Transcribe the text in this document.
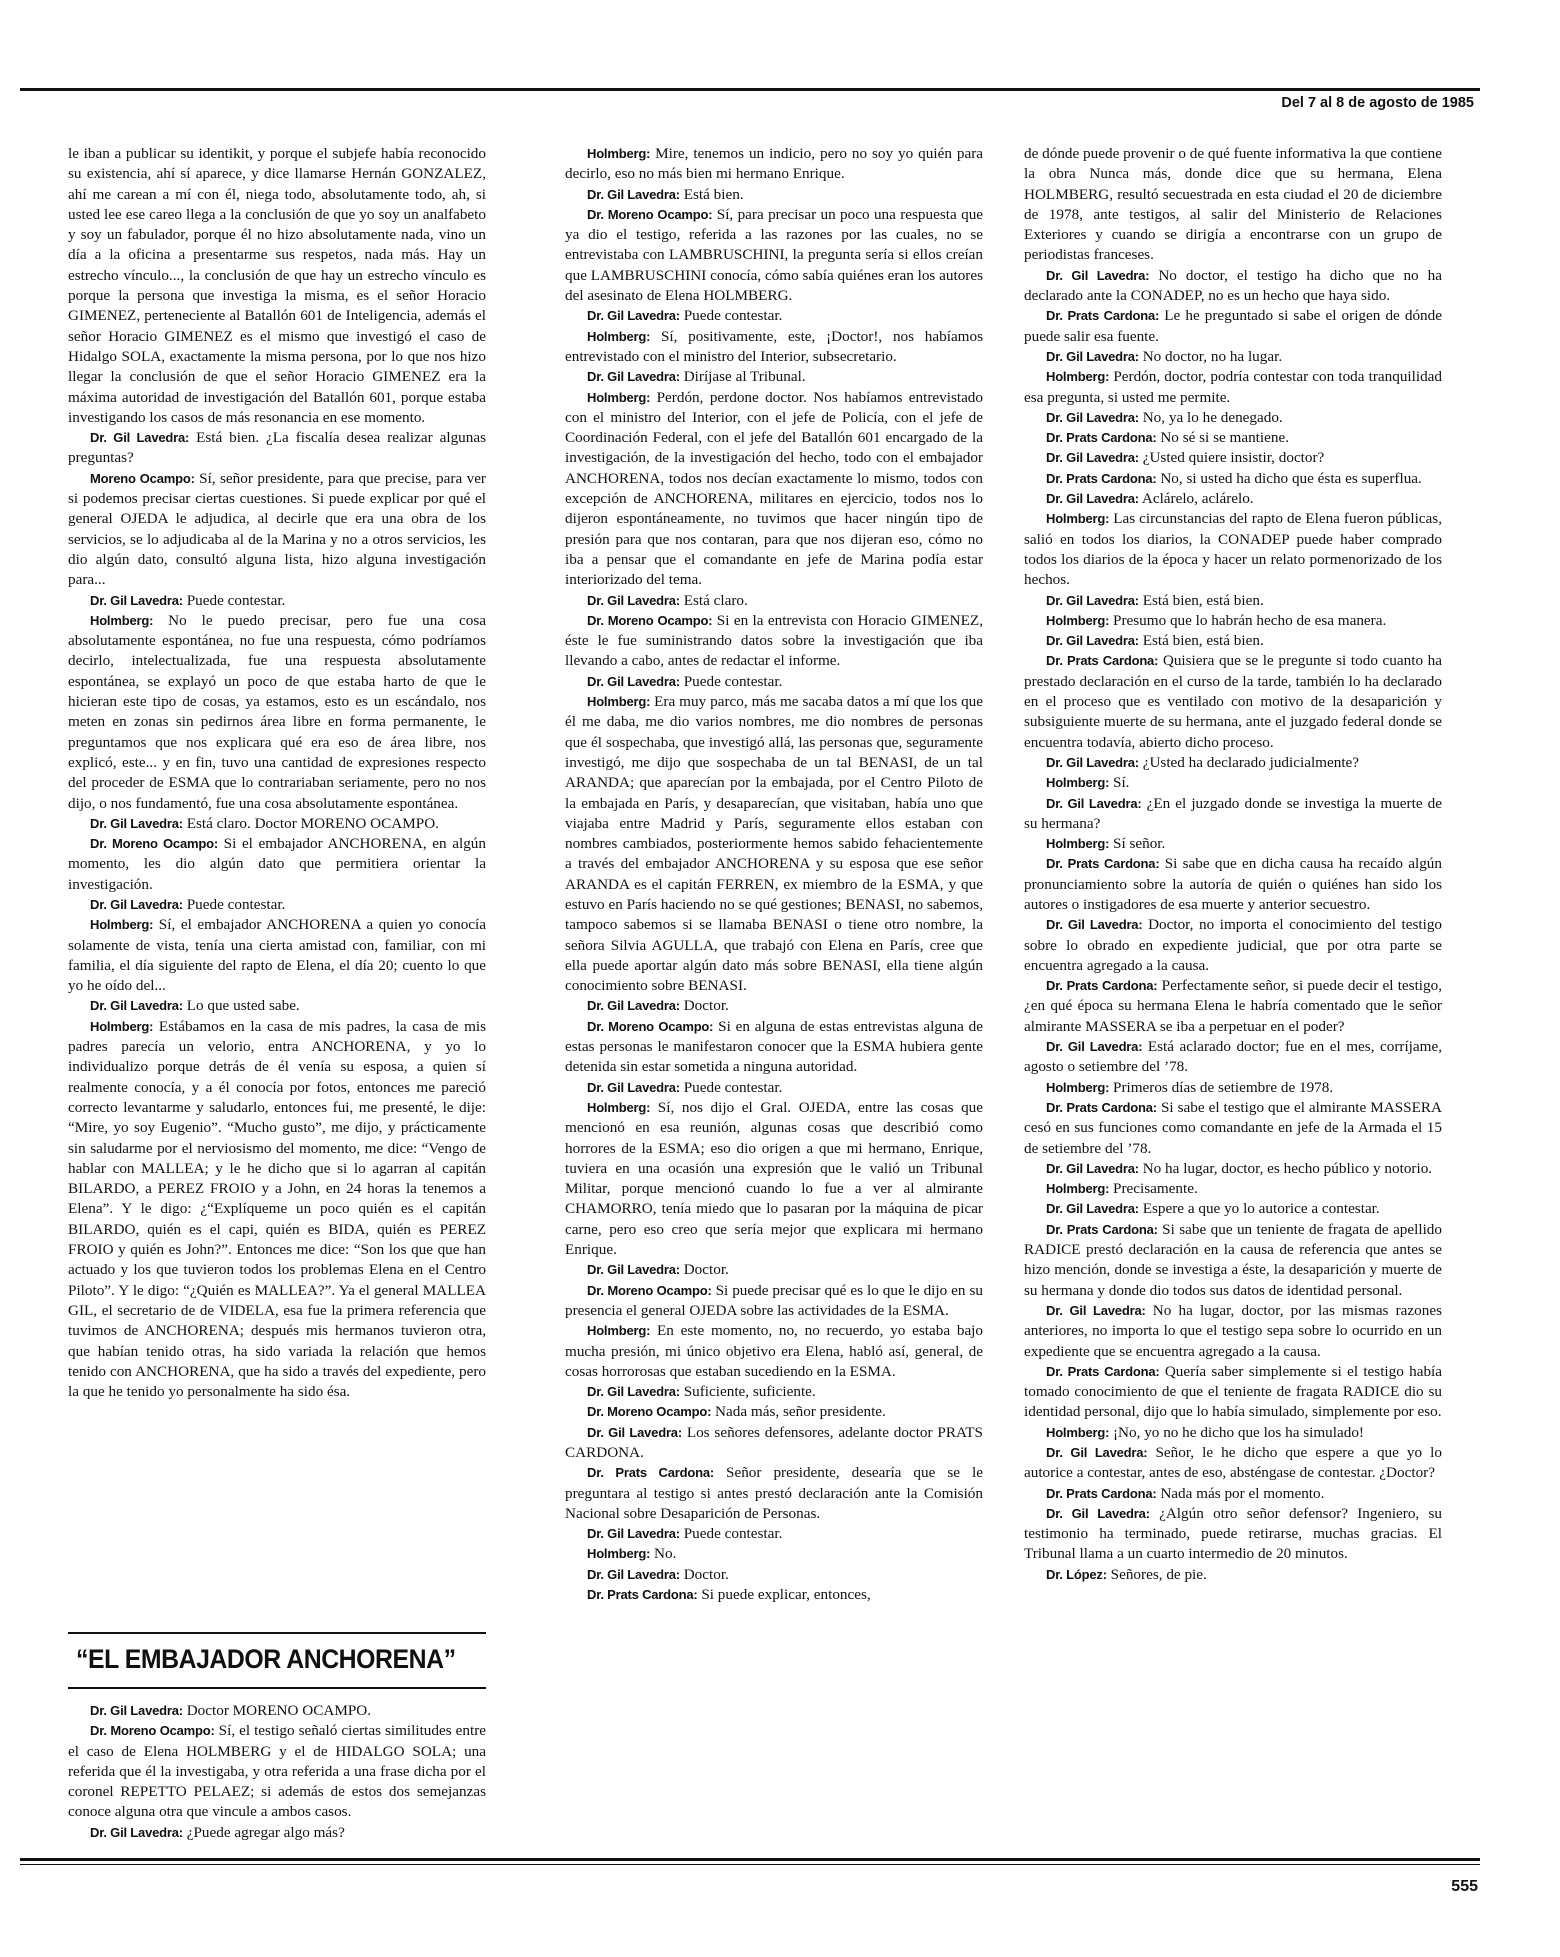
Del 7 al 8 de agosto de 1985

le iban a publicar su identikit, y porque el subjefe había reconocido su existencia, ahí sí aparece, y dice llamarse Hernán GONZALEZ, ahí me carean a mí con él, niega todo, absolutamente todo, ah, si usted lee ese careo llega a la conclusión de que yo soy un analfabeto y soy un fabulador, porque él no hizo absolutamente nada, vino un día a la oficina a presentarme sus respetos, nada más. Hay un estrecho vínculo..., la conclusión de que hay un estrecho vínculo es porque la persona que investiga la misma, es el señor Horacio GIMENEZ, perteneciente al Batallón 601 de Inteligencia, además el señor Horacio GIMENEZ es el mismo que investigó el caso de Hidalgo SOLA, exactamente la misma persona, por lo que nos hizo llegar la conclusión de que el señor Horacio GIMENEZ era la máxima autoridad de investigación del Batallón 601, porque estaba investigando los casos de más resonancia en ese momento.

Dr. Gil Lavedra: Está bien. ¿La fiscalía desea realizar algunas preguntas?

Moreno Ocampo: Sí, señor presidente, para que precise, para ver si podemos precisar ciertas cuestiones. Si puede explicar por qué el general OJEDA le adjudica, al decirle que era una obra de los servicios, se lo adjudicaba al de la Marina y no a otros servicios, les dio algún dato, consultó alguna lista, hizo alguna investigación para...

Dr. Gil Lavedra: Puede contestar.

Holmberg: No le puedo precisar, pero fue una cosa absolutamente espontánea, no fue una respuesta, cómo podríamos decirlo, intelectualizada, fue una respuesta absolutamente espontánea, se explayó un poco de que estaba harto de que le hicieran este tipo de cosas, ya estamos, esto es un escándalo, nos meten en zonas sin pedirnos área libre en forma permanente, le preguntamos que nos explicara qué era eso de área libre, nos explicó, este... y en fin, tuvo una cantidad de expresiones respecto del proceder de ESMA que lo contrariaban seriamente, pero no nos dijo, o nos fundamentó, fue una cosa absolutamente espontánea.

Dr. Gil Lavedra: Está claro. Doctor MORENO OCAMPO.

Dr. Moreno Ocampo: Si el embajador ANCHORENA, en algún momento, les dio algún dato que permitiera orientar la investigación.

Dr. Gil Lavedra: Puede contestar.

Holmberg: Sí, el embajador ANCHORENA a quien yo conocía solamente de vista, tenía una cierta amistad con, familiar, con mi familia, el día siguiente del rapto de Elena, el día 20; cuento lo que yo he oído del...

Dr. Gil Lavedra: Lo que usted sabe.

Holmberg: Estábamos en la casa de mis padres, la casa de mis padres parecía un velorio, entra ANCHORENA, y yo lo individualizo porque detrás de él venía su esposa, a quien sí realmente conocía, y a él conocía por fotos, entonces me pareció correcto levantarme y saludarlo, entonces fui, me presenté, le dije: “Mire, yo soy Eugenio”. “Mucho gusto”, me dijo, y prácticamente sin saludarme por el nerviosismo del momento, me dice: “Vengo de hablar con MALLEA; y le he dicho que si lo agarran al capitán BILARDO, a PEREZ FROIO y a John, en 24 horas la tenemos a Elena”. Y le digo: ¿“Explíqueme un poco quién es el capitán BILARDO, quién es el capi, quién es BIDA, quién es PEREZ FROIO y quién es John?”. Entonces me dice: “Son los que que han actuado y los que tuvieron todos los problemas Elena en el Centro Piloto”. Y le digo: “¿Quién es MALLEA?”. Ya el general MALLEA GIL, el secretario de de VIDELA, esa fue la primera referencia que tuvimos de ANCHORENA; después mis hermanos tuvieron otra, que habían tenido otras, ha sido variada la relación que hemos tenido con ANCHORENA, que ha sido a través del expediente, pero la que he tenido yo personalmente ha sido ésa.

Holmberg: Mire, tenemos un indicio, pero no soy yo quién para decirlo, eso no más bien mi hermano Enrique.

Dr. Gil Lavedra: Está bien.

Dr. Moreno Ocampo: Sí, para precisar un poco una respuesta que ya dio el testigo, referida a las razones por las cuales, no se entrevistaba con LAMBRUSCHINI, la pregunta sería si ellos creían que LAMBRUSCHINI conocía, cómo sabía quiénes eran los autores del asesinato de Elena HOLMBERG.

Dr. Gil Lavedra: Puede contestar.

Holmberg: Sí, positivamente, este, ¡Doctor!, nos habíamos entrevistado con el ministro del Interior, subsecretario.

Dr. Gil Lavedra: Diríjase al Tribunal.

Holmberg: Perdón, perdone doctor. Nos habíamos entrevistado con el ministro del Interior, con el jefe de Policía, con el jefe de Coordinación Federal, con el jefe del Batallón 601 encargado de la investigación, de la investigación del hecho, todo con el embajador ANCHORENA, todos nos decían exactamente lo mismo, todos con excepción de ANCHORENA, militares en ejercicio, todos nos lo dijeron espontáneamente, no tuvimos que hacer ningún tipo de presión para que nos contaran, para que nos dijeran eso, cómo no iba a pensar que el comandante en jefe de Marina podía estar interiorizado del tema.

Dr. Gil Lavedra: Está claro.

Dr. Moreno Ocampo: Si en la entrevista con Horacio GIMENEZ, éste le fue suministrando datos sobre la investigación que iba llevando a cabo, antes de redactar el informe.

Dr. Gil Lavedra: Puede contestar.

Holmberg: Era muy parco, más me sacaba datos a mí que los que él me daba, me dio varios nombres, me dio nombres de personas que él sospechaba, que investigó allá, las personas que, seguramente investigó, me dijo que sospechaba de un tal BENASI, de un tal ARANDA; que aparecían por la embajada, por el Centro Piloto de la embajada en París, y desaparecían, que visitaban, había uno que viajaba entre Madrid y París, seguramente ellos estaban con nombres cambiados, posteriormente hemos sabido fehacientemente a través del embajador ANCHORENA y su esposa que ese señor ARANDA es el capitán FERREN, ex miembro de la ESMA, y que estuvo en París haciendo no se qué gestiones; BENASI, no sabemos, tampoco sabemos si se llamaba BENASI o tiene otro nombre, la señora Silvia AGULLA, que trabajó con Elena en París, cree que ella puede aportar algún dato más sobre BENASI, ella tiene algún conocimiento sobre BENASI.

Dr. Gil Lavedra: Doctor.

Dr. Moreno Ocampo: Si en alguna de estas entrevistas alguna de estas personas le manifestaron conocer que la ESMA hubiera gente detenida sin estar sometida a ninguna autoridad.

Dr. Gil Lavedra: Puede contestar.

Holmberg: Sí, nos dijo el Gral. OJEDA, entre las cosas que mencionó en esa reunión, algunas cosas que describió como horrores de la ESMA; eso dio origen a que mi hermano, Enrique, tuviera en una ocasión una expresión que le valió un Tribunal Militar, porque mencionó cuando lo fue a ver al almirante CHAMORRO, tenía miedo que lo pasaran por la máquina de picar carne, pero eso creo que sería mejor que explicara mi hermano Enrique.

Dr. Gil Lavedra: Doctor.

Dr. Moreno Ocampo: Si puede precisar qué es lo que le dijo en su presencia el general OJEDA sobre las actividades de la ESMA.

Holmberg: En este momento, no, no recuerdo, yo estaba bajo mucha presión, mi único objetivo era Elena, habló así, general, de cosas horrorosas que estaban sucediendo en la ESMA.

Dr. Gil Lavedra: Suficiente, suficiente.

Dr. Moreno Ocampo: Nada más, señor presidente.

Dr. Gil Lavedra: Los señores defensores, adelante doctor PRATS CARDONA.

Dr. Prats Cardona: Señor presidente, desearía que se le preguntara al testigo si antes prestó declaración ante la Comisión Nacional sobre Desaparición de Personas.

Dr. Gil Lavedra: Puede contestar.

Holmberg: No.

Dr. Gil Lavedra: Doctor.

Dr. Prats Cardona: Si puede explicar, entonces,

de dónde puede provenir o de qué fuente informativa la que contiene la obra Nunca más, donde dice que su hermana, Elena HOLMBERG, resultó secuestrada en esta ciudad el 20 de diciembre de 1978, ante testigos, al salir del Ministerio de Relaciones Exteriores y cuando se dirigía a encontrarse con un grupo de periodistas franceses.

Dr. Gil Lavedra: No doctor, el testigo ha dicho que no ha declarado ante la CONADEP, no es un hecho que haya sido.

Dr. Prats Cardona: Le he preguntado si sabe el origen de dónde puede salir esa fuente.

Dr. Gil Lavedra: No doctor, no ha lugar.

Holmberg: Perdón, doctor, podría contestar con toda tranquilidad esa pregunta, si usted me permite.

Dr. Gil Lavedra: No, ya lo he denegado.

Dr. Prats Cardona: No sé si se mantiene.

Dr. Gil Lavedra: ¿Usted quiere insistir, doctor?

Dr. Prats Cardona: No, si usted ha dicho que ésta es superflua.

Dr. Gil Lavedra: Aclárelo, aclárelo.

Holmberg: Las circunstancias del rapto de Elena fueron públicas, salió en todos los diarios, la CONADEP puede haber comprado todos los diarios de la época y hacer un relato pormenorizado de los hechos.

Dr. Gil Lavedra: Está bien, está bien.

Holmberg: Presumo que lo habrán hecho de esa manera.

Dr. Gil Lavedra: Está bien, está bien.

Dr. Prats Cardona: Quisiera que se le pregunte si todo cuanto ha prestado declaración en el curso de la tarde, también lo ha declarado en el proceso que es ventilado con motivo de la desaparición y subsiguiente muerte de su hermana, ante el juzgado federal donde se encuentra todavía, abierto dicho proceso.

Dr. Gil Lavedra: ¿Usted ha declarado judicialmente?

Holmberg: Sí.

Dr. Gil Lavedra: ¿En el juzgado donde se investiga la muerte de su hermana?

Holmberg: Sí señor.

Dr. Prats Cardona: Si sabe que en dicha causa ha recaído algún pronunciamiento sobre la autoría de quién o quiénes han sido los autores o instigadores de esa muerte y anterior secuestro.

Dr. Gil Lavedra: Doctor, no importa el conocimiento del testigo sobre lo obrado en expediente judicial, que por otra parte se encuentra agregado a la causa.

Dr. Prats Cardona: Perfectamente señor, si puede decir el testigo, ¿en qué época su hermana Elena le habría comentado que le señor almirante MASSERA se iba a perpetuar en el poder?

Dr. Gil Lavedra: Está aclarado doctor; fue en el mes, corríjame, agosto o setiembre del ’78.

Holmberg: Primeros días de setiembre de 1978.

Dr. Prats Cardona: Si sabe el testigo que el almirante MASSERA cesó en sus funciones como comandante en jefe de la Armada el 15 de setiembre del ’78.

Dr. Gil Lavedra: No ha lugar, doctor, es hecho público y notorio.

Holmberg: Precisamente.

Dr. Gil Lavedra: Espere a que yo lo autorice a contestar.

Dr. Prats Cardona: Si sabe que un teniente de fragata de apellido RADICE prestó declaración en la causa de referencia que antes se hizo mención, donde se investiga a éste, la desaparición y muerte de su hermana y donde dio todos sus datos de identidad personal.

Dr. Gil Lavedra: No ha lugar, doctor, por las mismas razones anteriores, no importa lo que el testigo sepa sobre lo ocurrido en un expediente que se encuentra agregado a la causa.

Dr. Prats Cardona: Quería saber simplemente si el testigo había tomado conocimiento de que el teniente de fragata RADICE dio su identidad personal, dijo que lo había simulado, simplemente por eso.

Holmberg: ¡No, yo no he dicho que los ha simulado!

Dr. Gil Lavedra: Señor, le he dicho que espere a que yo lo autorice a contestar, antes de eso, absténgase de contestar. ¿Doctor?

Dr. Prats Cardona: Nada más por el momento.

Dr. Gil Lavedra: ¿Algún otro señor defensor? Ingeniero, su testimonio ha terminado, puede retirarse, muchas gracias. El Tribunal llama a un cuarto intermedio de 20 minutos.

Dr. López: Señores, de pie.

“EL EMBAJADOR ANCHORENA”

Dr. Gil Lavedra: Doctor MORENO OCAMPO.

Dr. Moreno Ocampo: Sí, el testigo señaló ciertas similitudes entre el caso de Elena HOLMBERG y el de HIDALGO SOLA; una referida que él la investigaba, y otra referida a una frase dicha por el coronel REPETTO PELAEZ; si además de estos dos semejanzas conoce alguna otra que vincule a ambos casos.

Dr. Gil Lavedra: ¿Puede agregar algo más?

555
